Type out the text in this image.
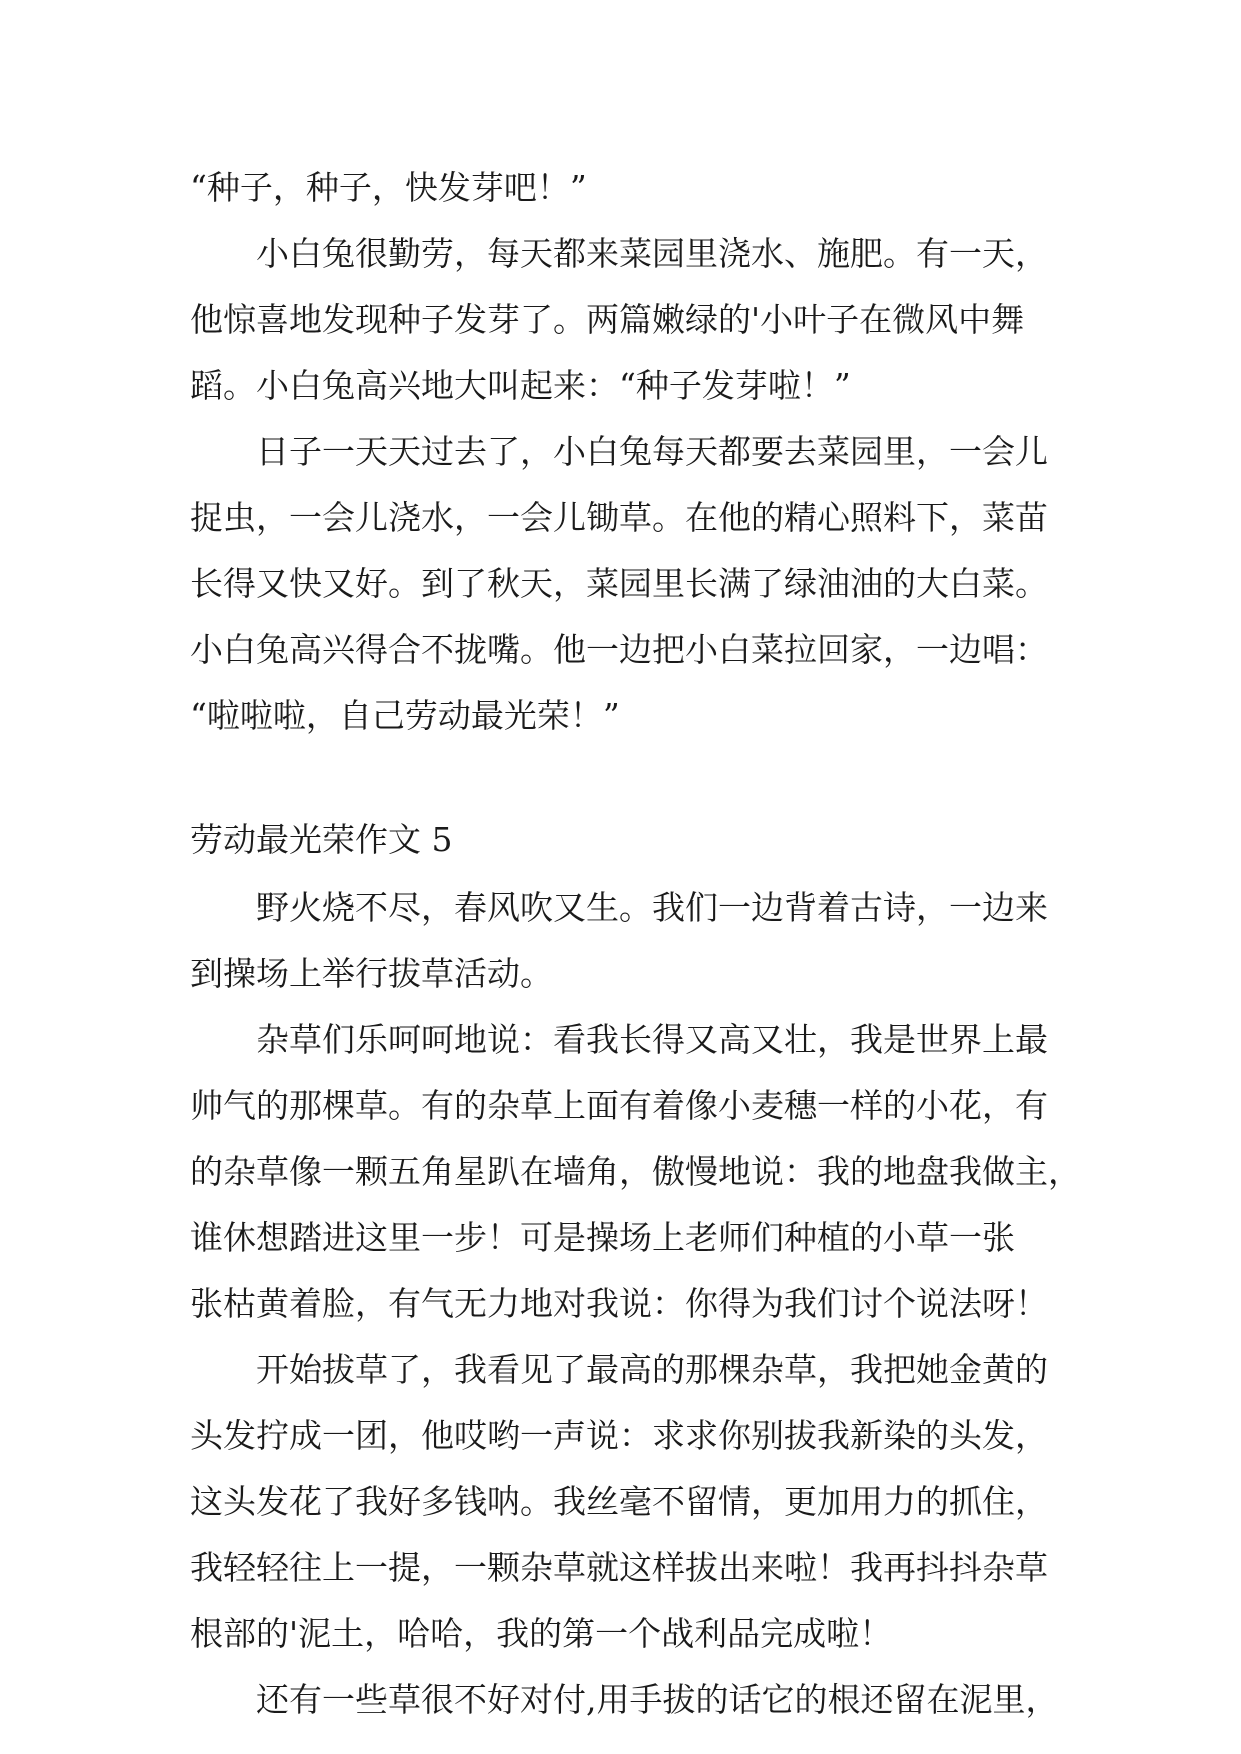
“种子，种子，快发芽吧！”
小白兔很勤劳，每天都来菜园里浇水、施肥。有一天，
他惊喜地发现种子发芽了。两篇嫩绿的'小叶子在微风中舞
蹈。小白兔高兴地大叫起来：“种子发芽啦！”
日子一天天过去了，小白兔每天都要去菜园里，一会儿
捉虫，一会儿浇水，一会儿锄草。在他的精心照料下，菜苗
长得又快又好。到了秋天，菜园里长满了绿油油的大白菜。
小白兔高兴得合不拢嘴。他一边把小白菜拉回家，一边唱：
“啦啦啦，自己劳动最光荣！”
劳动最光荣作文 5
野火烧不尽，春风吹又生。我们一边背着古诗，一边来
到操场上举行拔草活动。
杂草们乐呵呵地说：看我长得又高又壮，我是世界上最
帅气的那棵草。有的杂草上面有着像小麦穗一样的小花，有
的杂草像一颗五角星趴在墙角，傲慢地说：我的地盘我做主，
谁休想踏进这里一步！可是操场上老师们种植的小草一张
张枯黄着脸，有气无力地对我说：你得为我们讨个说法呀！
开始拔草了，我看见了最高的那棵杂草，我把她金黄的
头发拧成一团，他哎哟一声说：求求你别拔我新染的头发，
这头发花了我好多钱呐。我丝毫不留情，更加用力的抓住，
我轻轻往上一提，一颗杂草就这样拔出来啦！我再抖抖杂草
根部的'泥土，哈哈，我的第一个战利品完成啦！
还有一些草很不好对付,用手拔的话它的根还留在泥里，
